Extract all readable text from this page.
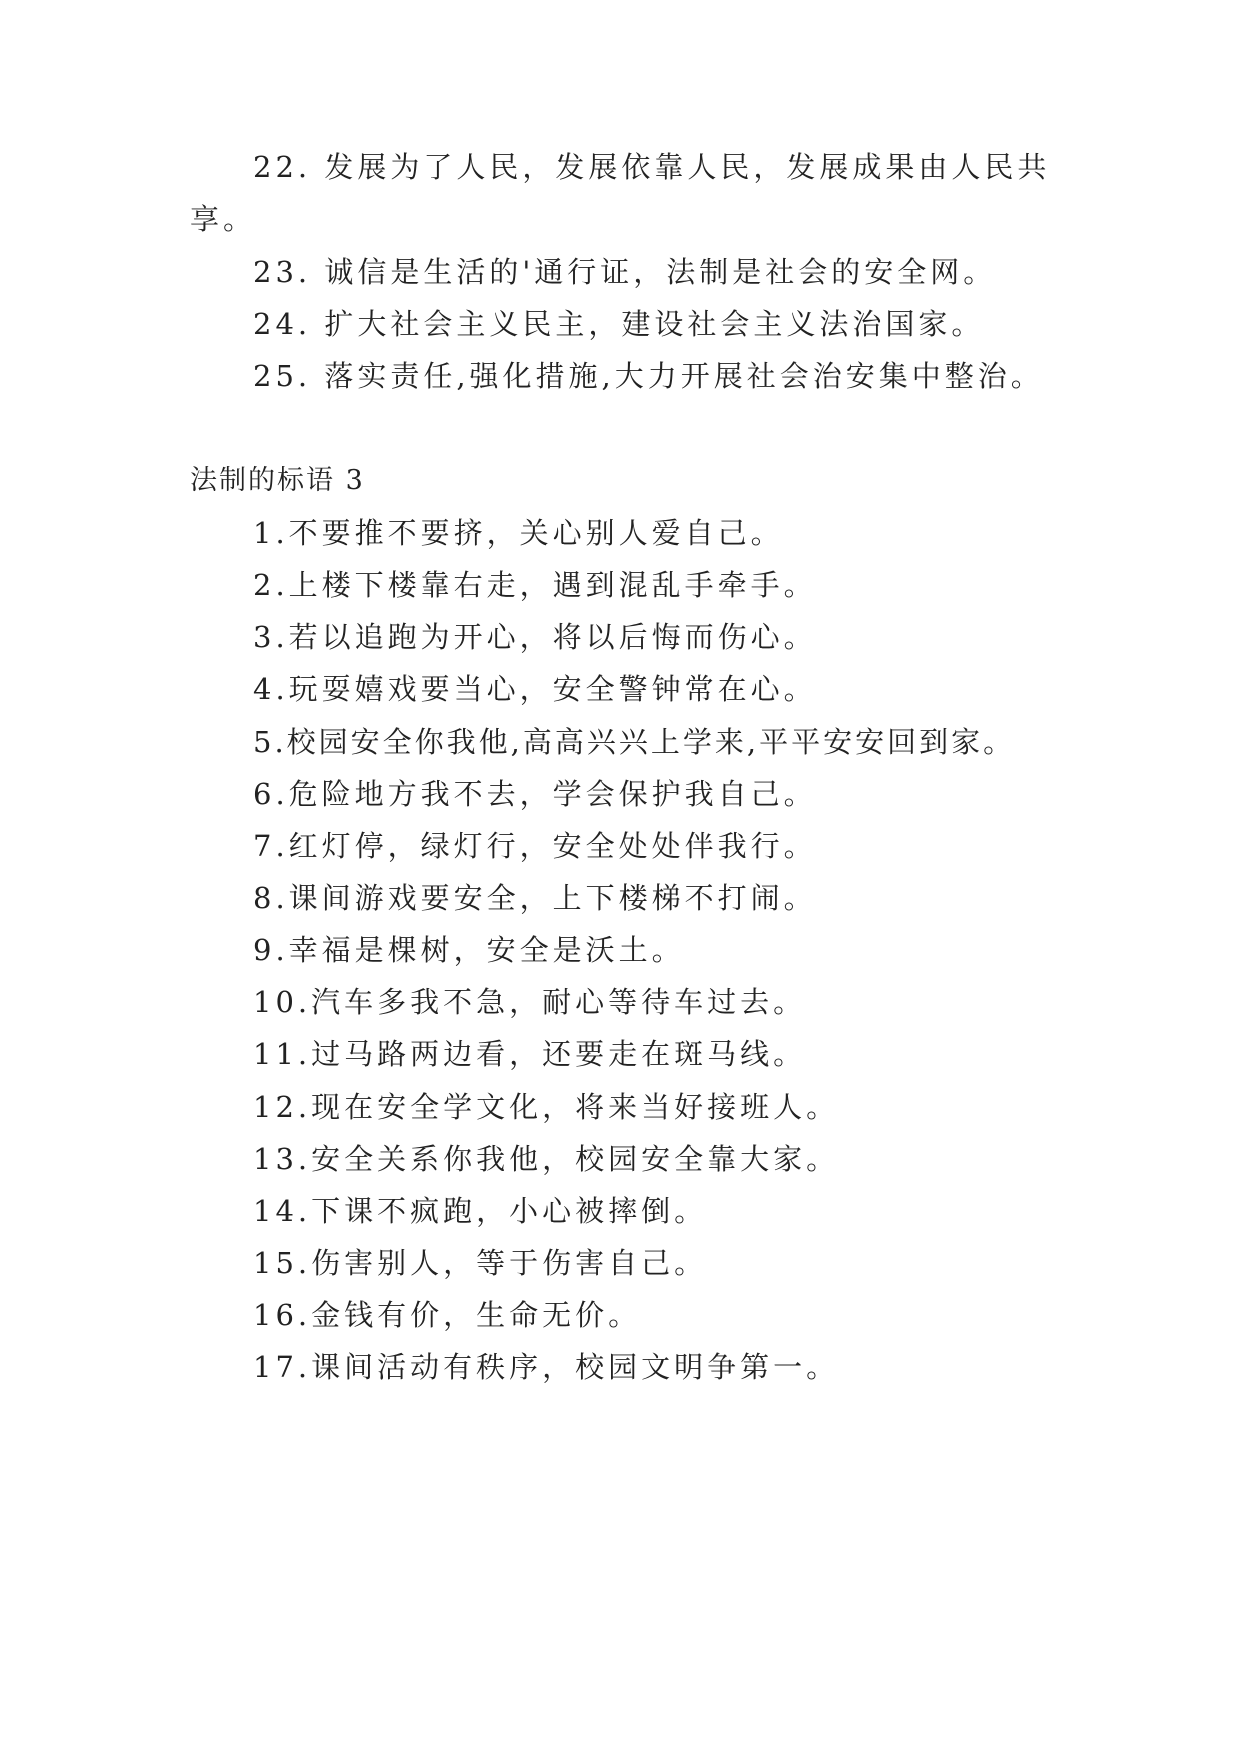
22. 发展为了人民，发展依靠人民，发展成果由人民共
享。
23. 诚信是生活的'通行证，法制是社会的安全网。
24. 扩大社会主义民主，建设社会主义法治国家。
25. 落实责任,强化措施,大力开展社会治安集中整治。
法制的标语 3
1.不要推不要挤，关心别人爱自己。
2.上楼下楼靠右走，遇到混乱手牵手。
3.若以追跑为开心，将以后悔而伤心。
4.玩耍嬉戏要当心，安全警钟常在心。
5.校园安全你我他,高高兴兴上学来,平平安安回到家。
6.危险地方我不去，学会保护我自己。
7.红灯停，绿灯行，安全处处伴我行。
8.课间游戏要安全，上下楼梯不打闹。
9.幸福是棵树，安全是沃土。
10.汽车多我不急，耐心等待车过去。
11.过马路两边看，还要走在斑马线。
12.现在安全学文化，将来当好接班人。
13.安全关系你我他，校园安全靠大家。
14.下课不疯跑，小心被摔倒。
15.伤害别人，等于伤害自己。
16.金钱有价，生命无价。
17.课间活动有秩序，校园文明争第一。
